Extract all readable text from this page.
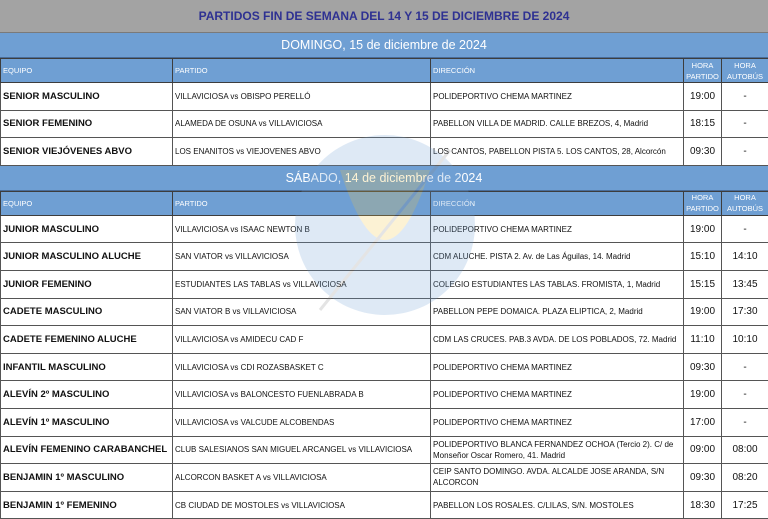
PARTIDOS FIN DE SEMANA DEL 14 Y 15 DE DICIEMBRE DE 2024
DOMINGO, 15 de diciembre de 2024
EQUIPO	PARTIDO	DIRECCIÓN	HORA PARTIDO	HORA AUTOBÚS
SENIOR MASCULINO	VILLAVICIOSA vs OBISPO PERELLÓ	POLIDEPORTIVO CHEMA MARTINEZ	19:00	-
SENIOR FEMENINO	ALAMEDA DE OSUNA vs VILLAVICIOSA	PABELLON VILLA DE MADRID. CALLE BREZOS, 4, Madrid	18:15	-
SENIOR VIEJÓVENES ABVO	LOS ENANITOS vs VIEJOVENES ABVO	LOS CANTOS, PABELLON PISTA 5. LOS CANTOS, 28, Alcorcón	09:30	-
SÁBADO, 14 de diciembre de 2024
EQUIPO	PARTIDO	DIRECCIÓN	HORA PARTIDO	HORA AUTOBÚS
JUNIOR MASCULINO	VILLAVICIOSA vs ISAAC NEWTON B	POLIDEPORTIVO CHEMA MARTINEZ	19:00	-
JUNIOR MASCULINO ALUCHE	SAN VIATOR vs VILLAVICIOSA	CDM ALUCHE. PISTA 2. Av. de Las Águilas, 14. Madrid	15:10	14:10
JUNIOR FEMENINO	ESTUDIANTES LAS TABLAS vs VILLAVICIOSA	COLEGIO ESTUDIANTES LAS TABLAS. FROMISTA, 1, Madrid	15:15	13:45
CADETE MASCULINO	SAN VIATOR B vs VILLAVICIOSA	PABELLON PEPE DOMAICA. PLAZA ELIPTICA, 2, Madrid	19:00	17:30
CADETE FEMENINO ALUCHE	VILLAVICIOSA vs AMIDECU CAD F	CDM LAS CRUCES. PAB.3 AVDA. DE LOS POBLADOS, 72. Madrid	11:10	10:10
INFANTIL MASCULINO	VILLAVICIOSA vs CDI ROZASBASKET C	POLIDEPORTIVO CHEMA MARTINEZ	09:30	-
ALEVÍN 2º MASCULINO	VILLAVICIOSA vs BALONCESTO FUENLABRADA B	POLIDEPORTIVO CHEMA MARTINEZ	19:00	-
ALEVÍN 1º MASCULINO	VILLAVICIOSA vs VALCUDE ALCOBENDAS	POLIDEPORTIVO CHEMA MARTINEZ	17:00	-
ALEVÍN FEMENINO CARABANCHEL	CLUB SALESIANOS SAN MIGUEL ARCANGEL vs VILLAVICIOSA	POLIDEPORTIVO BLANCA FERNANDEZ OCHOA (Tercio 2). C/ de Monseñor Oscar Romero, 41. Madrid	09:00	08:00
BENJAMIN 1º MASCULINO	ALCORCON BASKET A vs VILLAVICIOSA	CEIP SANTO DOMINGO. AVDA. ALCALDE JOSE ARANDA, S/N ALCORCON	09:30	08:20
BENJAMIN 1º FEMENINO	CB CIUDAD DE MOSTOLES vs VILLAVICIOSA	PABELLON LOS ROSALES. C/LILAS, S/N. MOSTOLES	18:30	17:25
